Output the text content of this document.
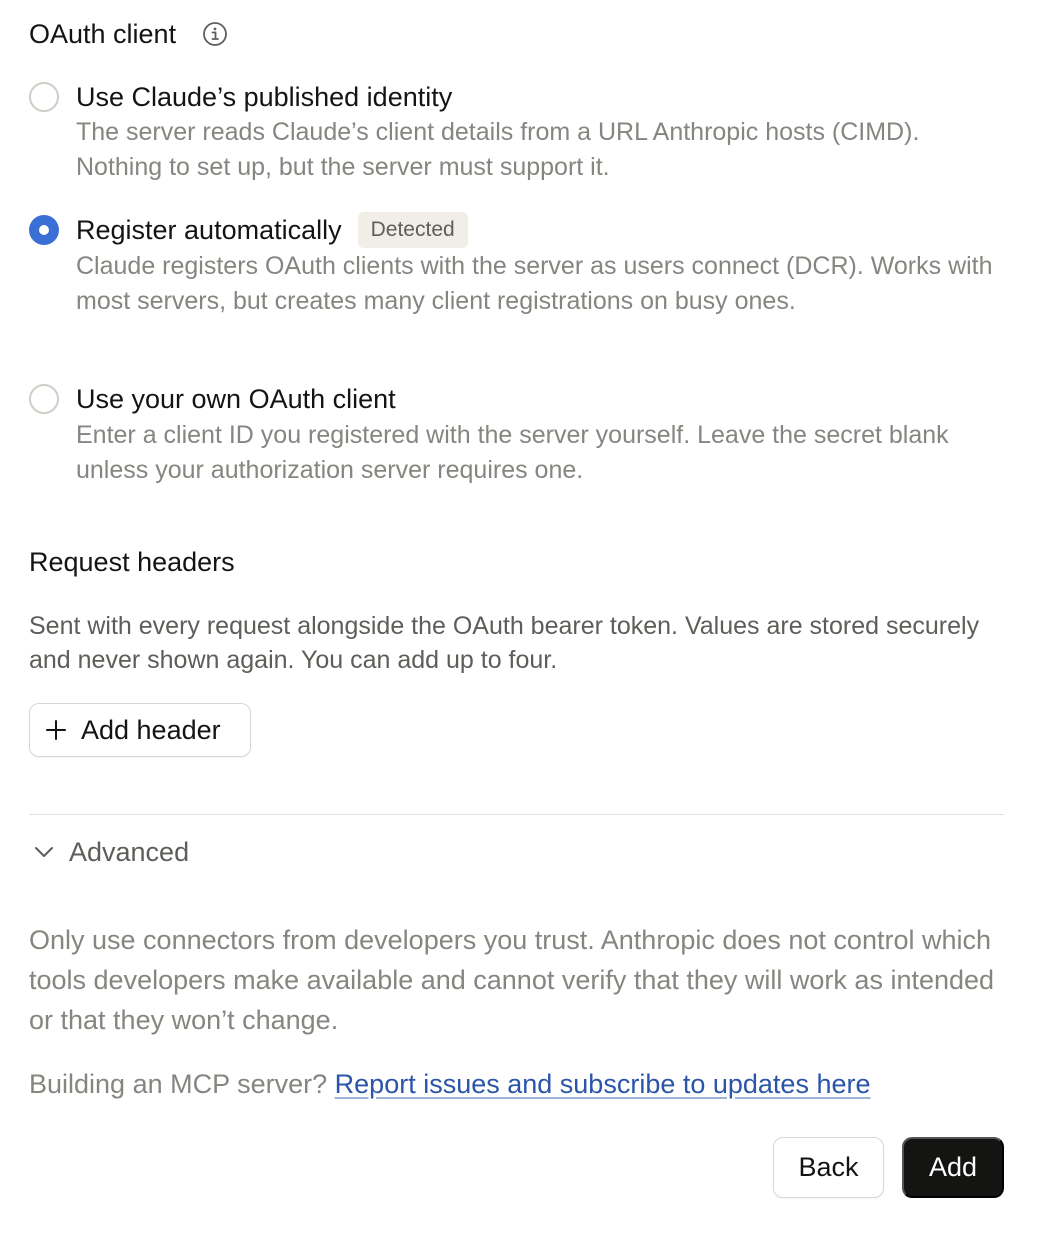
OAuth client
Use Claude’s published identity
The server reads Claude’s client details from a URL Anthropic hosts (CIMD). Nothing to set up, but the server must support it.
Register automatically	Detected
Claude registers OAuth clients with the server as users connect (DCR). Works with most servers, but creates many client registrations on busy ones.
Use your own OAuth client
Enter a client ID you registered with the server yourself. Leave the secret blank unless your authorization server requires one.
Request headers
Sent with every request alongside the OAuth bearer token. Values are stored securely and never shown again. You can add up to four.
Add header
Advanced
Only use connectors from developers you trust. Anthropic does not control which tools developers make available and cannot verify that they will work as intended or that they won’t change.
Building an MCP server? Report issues and subscribe to updates here
Back	Add
